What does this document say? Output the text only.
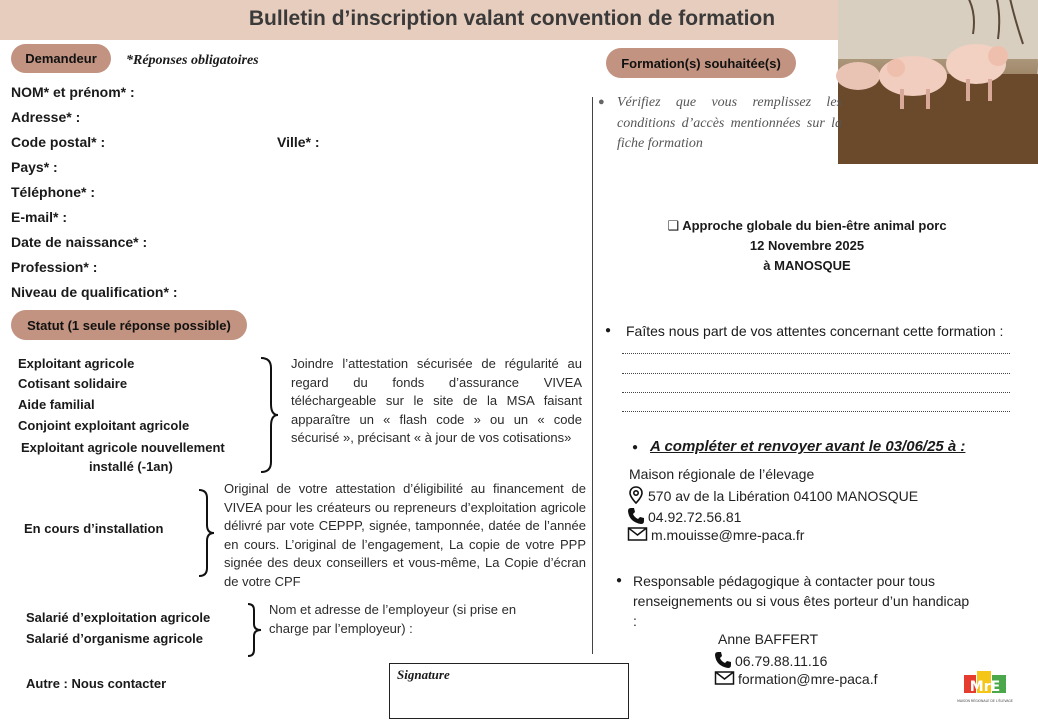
Bulletin d’inscription valant convention de formation
Demandeur	*Réponses obligatoires
NOM* et prénom* :
Adresse* :
Code postal* :	Ville* :
Pays* :
Téléphone* :
E-mail* :
Date de naissance* :
Profession* :
Niveau de qualification* :
Statut (1 seule réponse possible)
Exploitant agricole
Cotisant solidaire
Aide familial
Conjoint exploitant agricole
Exploitant agricole nouvellement
installé (-1an)
Joindre l’attestation sécurisée de régularité au regard du fonds d’assurance VIVEA téléchargeable sur le site de la MSA faisant apparaître un « flash code » ou un « code sécurisé », précisant « à jour de vos cotisations»
En cours d’installation
Original de votre attestation d’éligibilité au financement de VIVEA pour les créateurs ou repreneurs d’exploitation agricole délivré par vote CEPPP, signée, tamponnée, datée de l’année en cours. L’original de l’engagement, La copie de votre PPP signée des deux conseillers et vous-même, La Copie d’écran de votre CPF
Salarié d’exploitation agricole
Salarié d’organisme agricole
Nom et adresse de l’employeur (si prise en charge par l’employeur) :
Autre : Nous contacter
Signature
Formation(s) souhaitée(s)
● Vérifiez que vous remplissez les conditions d’accès mentionnées sur la fiche formation
❑ Approche globale du bien-être animal porc
12 Novembre 2025
à MANOSQUE
● Faîtes nous part de vos attentes concernant cette formation :
● A compléter et renvoyer avant le 03/06/25 à :
Maison régionale de l’élevage
570 av de la Libération 04100 MANOSQUE
04.92.72.56.81
m.mouisse@mre-paca.fr
● Responsable pédagogique à contacter pour tous renseignements ou si vous êtes porteur d’un handicap :
Anne BAFFERT
06.79.88.11.16
formation@mre-paca.f	MrE
MAISON RÉGIONALE DE L'ÉLEVAGE
